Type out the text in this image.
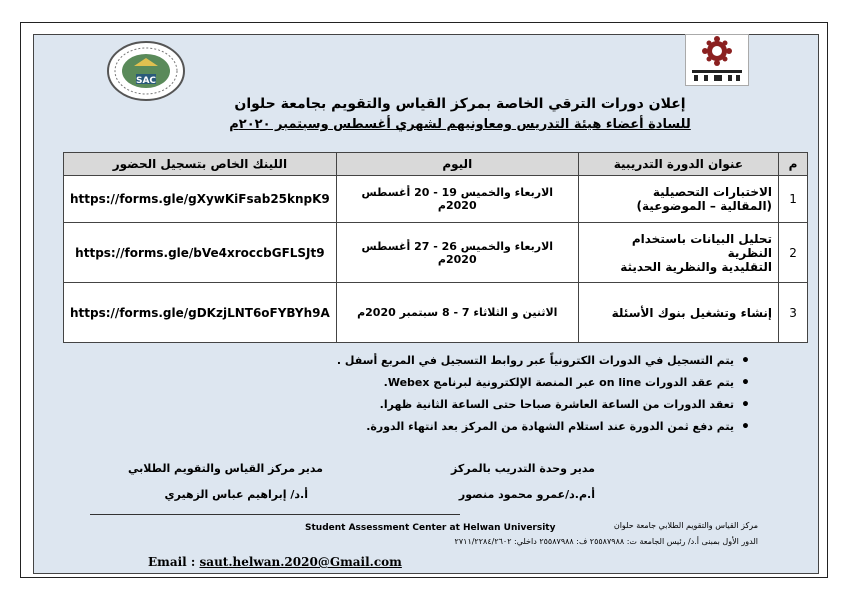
SAC
إعلان دورات الترقي الخاصة بمركز القياس والتقويم بجامعة حلوان
للسادة أعضاء هيئة التدريس ومعاونيهم لشهري أغسطس وسبتمبر ٢٠٢٠م
م	عنوان الدورة التدريبية	اليوم	اللينك الخاص بتسجيل الحضور
1	الاختبارات التحصيلية
(المقالية – الموضوعية)	الاربعاء والخميس 19 - 20 أغسطس 2020م	https://forms.gle/gXywKiFsab25knpK9
2	تحليل البيانات باستخدام النظرية
التقليدية والنظرية الحديثة	الاربعاء والخميس 26 - 27 أغسطس 2020م	https://forms.gle/bVe4xroccbGFLSJt9
3	إنشاء وتشغيل بنوك الأسئلة	الاثنين و الثلاثاء 7 - 8 سبتمبر 2020م	https://forms.gle/gDKzjLNT6oFYBYh9A
•
يتم التسجيل في الدورات الكترونياً عبر روابط التسجيل في المربع أسفل .
•
يتم عقد الدورات on line عبر المنصة الإلكترونية لبرنامج Webex.
•
تعقد الدورات من الساعة العاشرة صباحا حتى الساعة الثانية ظهرا.
•
يتم دفع ثمن الدورة عند استلام الشهادة من المركز بعد انتهاء الدورة.
مدير وحدة التدريب بالمركز
أ.م.د/عمرو محمود منصور
مدير مركز القياس والتقويم الطلابي
أ.د/ إبراهيم عباس الزهيري
Student Assessment Center at Helwan University	مركز القياس والتقويم الطلابي جامعة حلوان
الدور الأول بمبنى أ.د/ رئيس الجامعة ت: ٢٥٥٨٧٩٨٨ ف: ٢٥٥٨٧٩٨٨ داخلي: ٢٧١١/٢٢٨٤/٢٦٠٢
Email : saut.helwan.2020@Gmail.com
